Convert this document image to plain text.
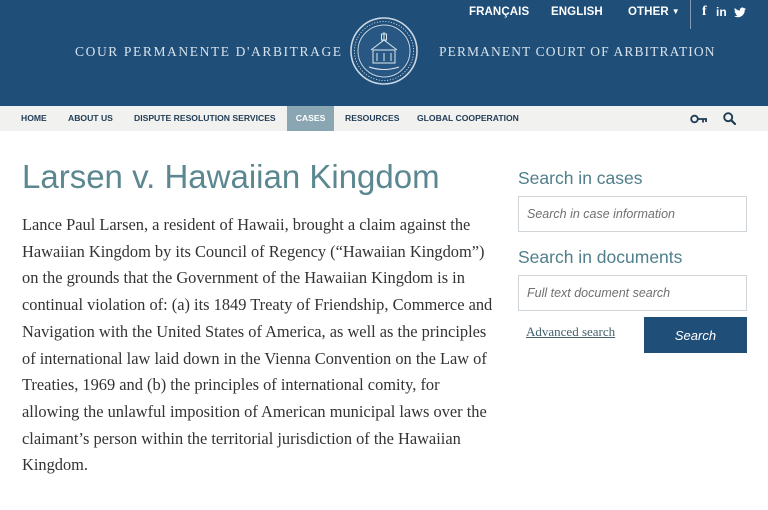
FRANÇAIS ENGLISH OTHER ▼ f in
COUR PERMANENTE D'ARBITRAGE	PERMANENT COURT OF ARBITRATION
HOME ABOUT US DISPUTE RESOLUTION SERVICES	CASES	RESOURCES GLOBAL COOPERATION
Larsen v. Hawaiian Kingdom

Lance Paul Larsen, a resident of Hawaii, brought a claim against the Hawaiian Kingdom by its Council of Regency (“Hawaiian Kingdom”) on the grounds that the Government of the Hawaiian Kingdom is in continual violation of: (a) its 1849 Treaty of Friendship, Commerce and Navigation with the United States of America, as well as the principles of international law laid down in the Vienna Convention on the Law of Treaties, 1969 and (b) the principles of international comity, for allowing the unlawful imposition of American municipal laws over the claimant’s person within the territorial jurisdiction of the Hawaiian Kingdom.

Search in cases
Search in case information
Search in documents
Full text document search
Advanced search	Search
